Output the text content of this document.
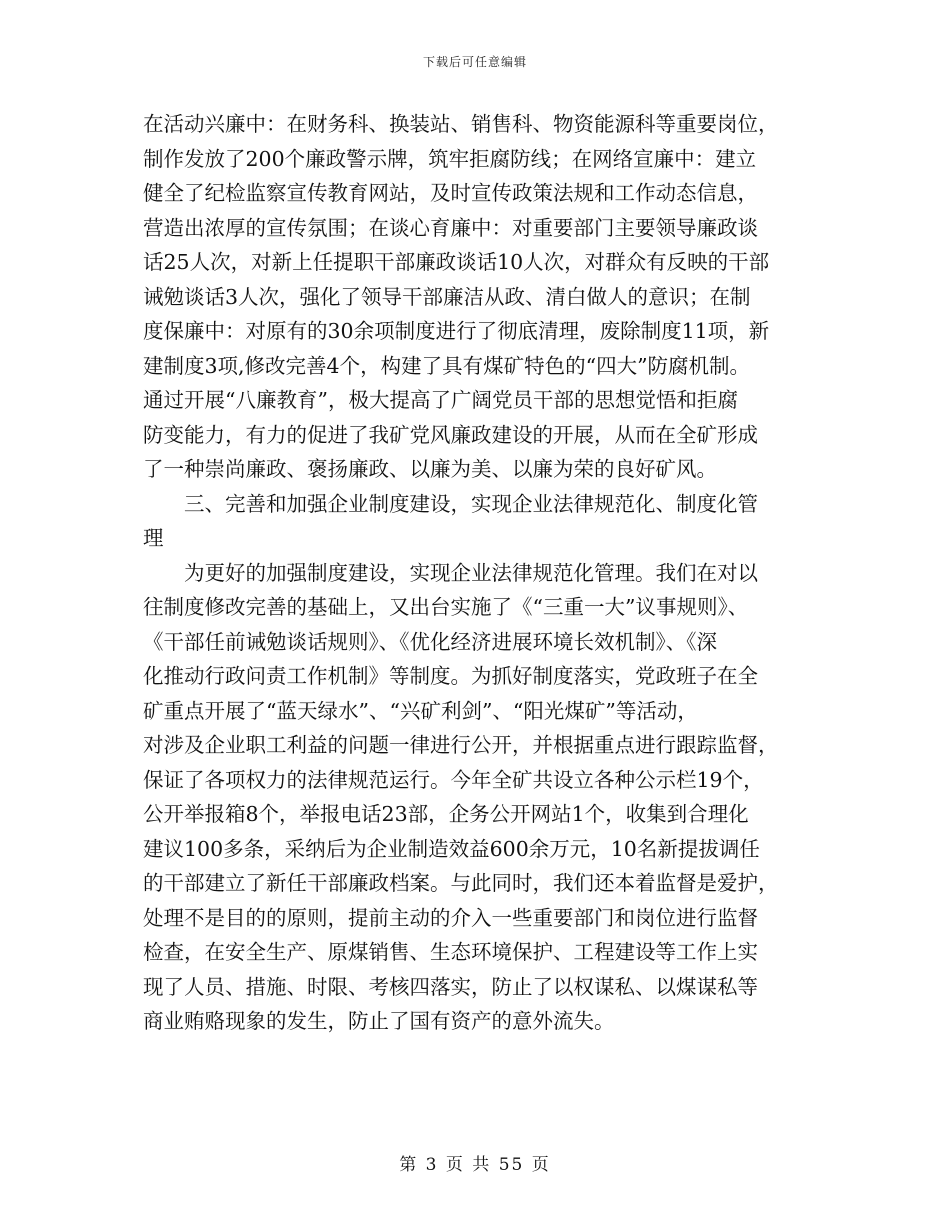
下载后可任意编辑
在活动兴廉中：在财务科、换装站、销售科、物资能源科等重要岗位，
制作发放了200个廉政警示牌，筑牢拒腐防线；在网络宣廉中：建立
健全了纪检监察宣传教育网站，及时宣传政策法规和工作动态信息，
营造出浓厚的宣传氛围；在谈心育廉中：对重要部门主要领导廉政谈
话25人次，对新上任提职干部廉政谈话10人次，对群众有反映的干部
诫勉谈话3人次，强化了领导干部廉洁从政、清白做人的意识；在制
度保廉中：对原有的30余项制度进行了彻底清理，废除制度11项，新
建制度3项,修改完善4个，构建了具有煤矿特色的“四大”防腐机制。
通过开展“八廉教育”，极大提高了广阔党员干部的思想觉悟和拒腐
防变能力，有力的促进了我矿党风廉政建设的开展，从而在全矿形成
了一种崇尚廉政、褒扬廉政、以廉为美、以廉为荣的良好矿风。
三、完善和加强企业制度建设，实现企业法律规范化、制度化管
理
为更好的加强制度建设，实现企业法律规范化管理。我们在对以
往制度修改完善的基础上，又出台实施了《“三重一大”议事规则》、
《干部任前诫勉谈话规则》、《优化经济进展环境长效机制》、《深
化推动行政问责工作机制》等制度。为抓好制度落实，党政班子在全
矿重点开展了“蓝天绿水”、“兴矿利剑”、“阳光煤矿”等活动，
对涉及企业职工利益的问题一律进行公开，并根据重点进行跟踪监督，
保证了各项权力的法律规范运行。今年全矿共设立各种公示栏19个，
公开举报箱8个，举报电话23部，企务公开网站1个，收集到合理化
建议100多条，采纳后为企业制造效益600余万元，10名新提拔调任
的干部建立了新任干部廉政档案。与此同时，我们还本着监督是爱护，
处理不是目的的原则，提前主动的介入一些重要部门和岗位进行监督
检查，在安全生产、原煤销售、生态环境保护、工程建设等工作上实
现了人员、措施、时限、考核四落实，防止了以权谋私、以煤谋私等
商业贿赂现象的发生，防止了国有资产的意外流失。
第 3 页 共 55 页
